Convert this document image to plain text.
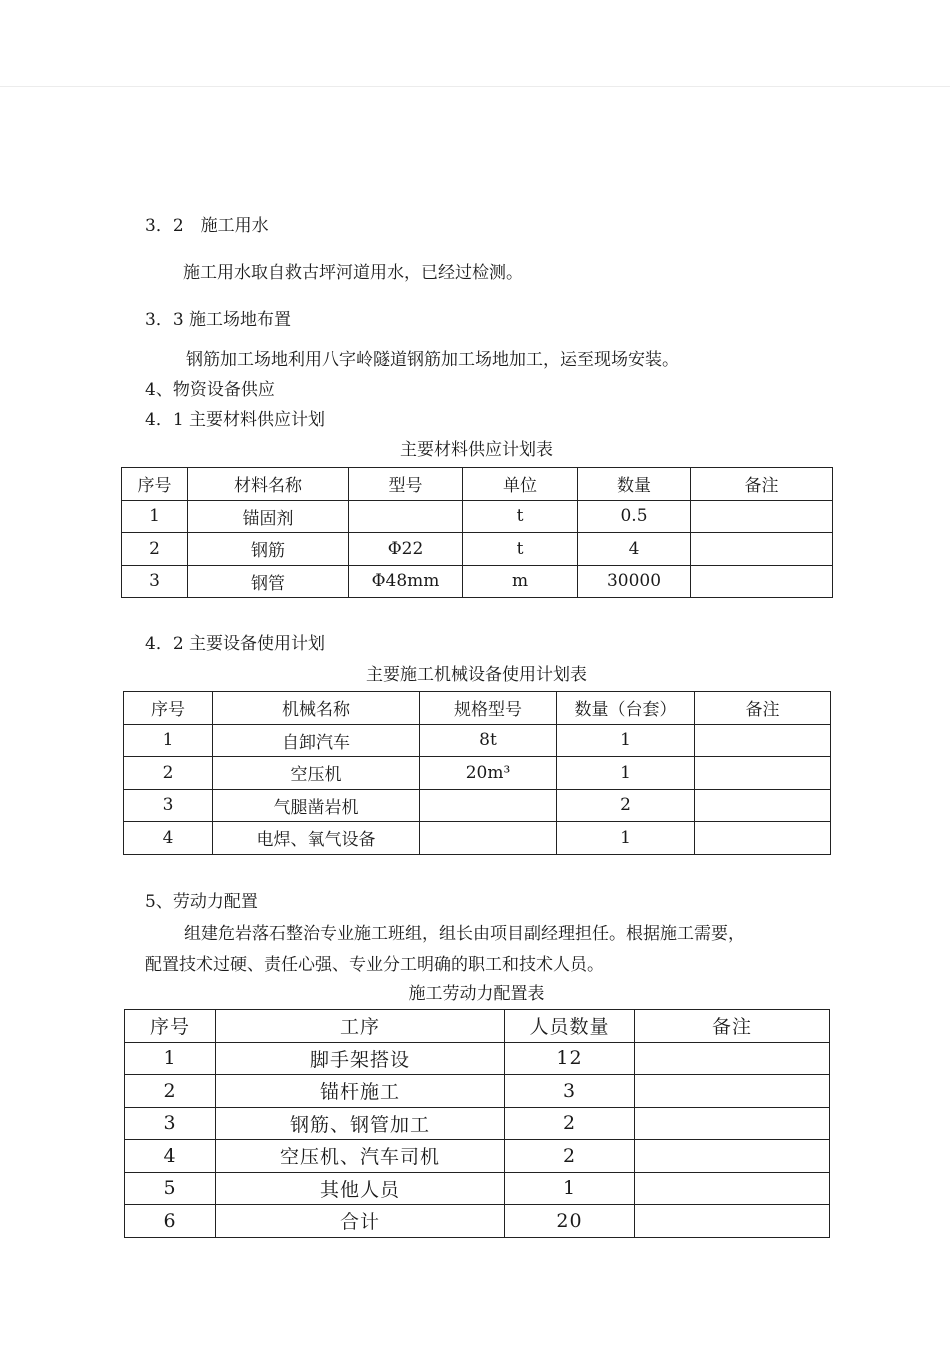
3．2　施工用水
施工用水取自救古坪河道用水，已经过检测。
3．3 施工场地布置
钢筋加工场地利用八字岭隧道钢筋加工场地加工，运至现场安装。
4、物资设备供应
4．1 主要材料供应计划
主要材料供应计划表
序号	材料名称	型号	单位	数量	备注
1	锚固剂		t	0.5	
2	钢筋	Φ22	t	4	
3	钢管	Φ48mm	m	30000	
4．2 主要设备使用计划
主要施工机械设备使用计划表
序号	机械名称	规格型号	数量（台套）	备注
1	自卸汽车	8t	1	
2	空压机	20m³	1	
3	气腿凿岩机		2	
4	电焊、氧气设备		1	
5、劳动力配置
组建危岩落石整治专业施工班组，组长由项目副经理担任。根据施工需要，
配置技术过硬、责任心强、专业分工明确的职工和技术人员。
施工劳动力配置表
序号	工序	人员数量	备注
1	脚手架搭设	12	
2	锚杆施工	3	
3	钢筋、钢管加工	2	
4	空压机、汽车司机	2	
5	其他人员	1	
6	合计	20	
